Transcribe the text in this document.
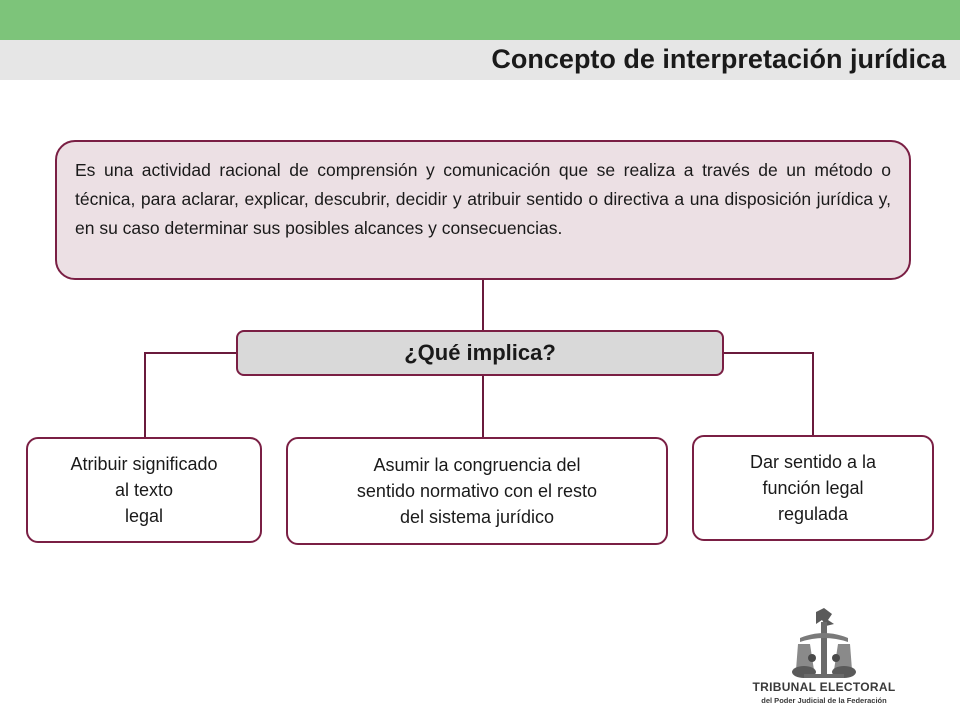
Concepto de interpretación jurídica
Es una actividad racional de comprensión y comunicación que se realiza a través de un método o técnica, para aclarar, explicar, descubrir, decidir y atribuir sentido o directiva a una disposición jurídica y, en su caso determinar sus posibles alcances y consecuencias.
¿Qué implica?
Atribuir significado
al texto
legal
Asumir la congruencia del
sentido normativo con el resto
del sistema jurídico
Dar sentido a la
función legal
regulada
TRIBUNAL ELECTORAL
del Poder Judicial de la Federación
